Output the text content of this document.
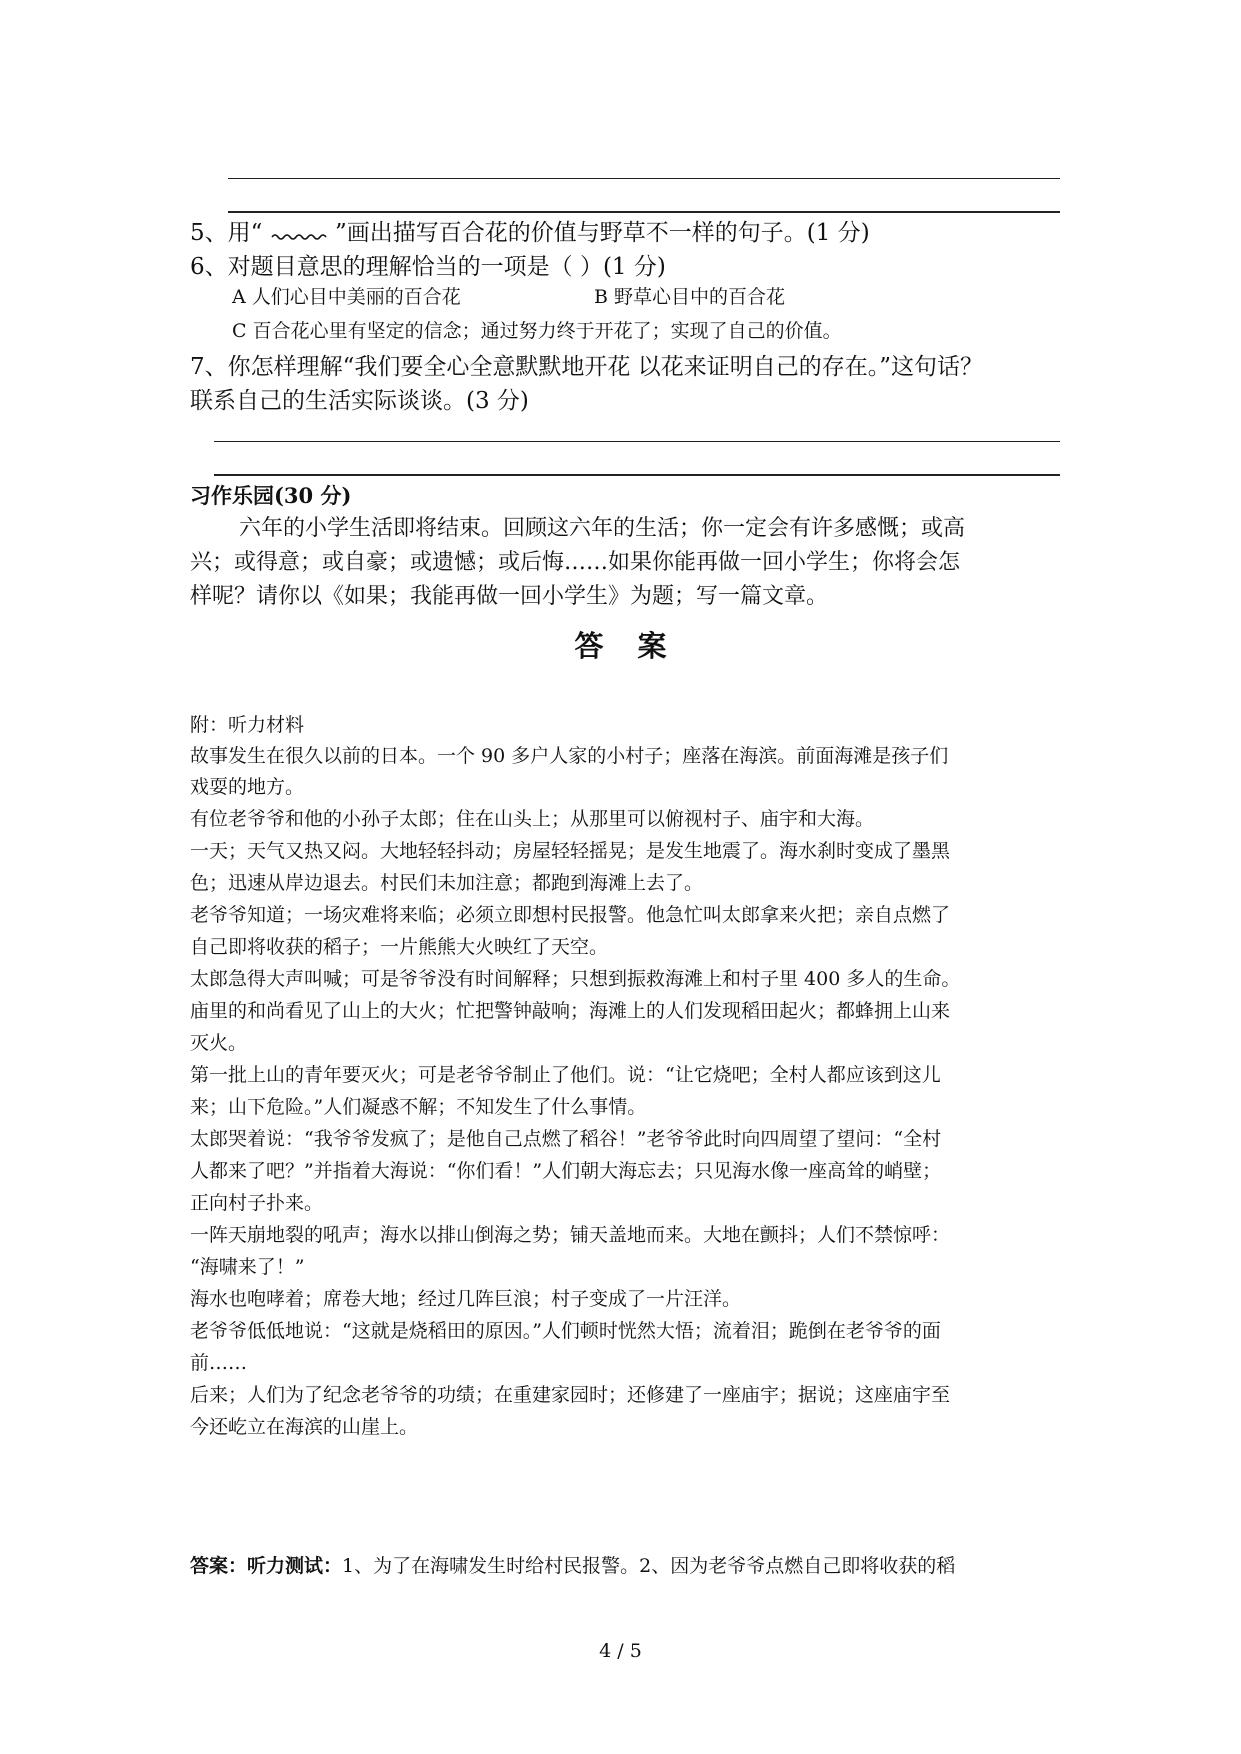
5、用“	”画出描写百合花的价值与野草不一样的句子。(1 分)
6、对题目意思的理解恰当的一项是（ ）(1 分)
A 人们心目中美丽的百合花	B 野草心目中的百合花
C 百合花心里有坚定的信念；通过努力终于开花了；实现了自己的价值。
7、你怎样理解“我们要全心全意默默地开花 以花来证明自己的存在。”这句话？
联系自己的生活实际谈谈。(3 分)
习作乐园(30 分)
六年的小学生活即将结束。回顾这六年的生活；你一定会有许多感慨；或高
兴；或得意；或自豪；或遗憾；或后悔……如果你能再做一回小学生；你将会怎
样呢？请你以《如果；我能再做一回小学生》为题；写一篇文章。
答案
附：听力材料
故事发生在很久以前的日本。一个 90 多户人家的小村子；座落在海滨。前面海滩是孩子们
戏耍的地方。
有位老爷爷和他的小孙子太郎；住在山头上；从那里可以俯视村子、庙宇和大海。
一天；天气又热又闷。大地轻轻抖动；房屋轻轻摇晃；是发生地震了。海水刹时变成了墨黑
色；迅速从岸边退去。村民们未加注意；都跑到海滩上去了。
老爷爷知道；一场灾难将来临；必须立即想村民报警。他急忙叫太郎拿来火把；亲自点燃了
自己即将收获的稻子；一片熊熊大火映红了天空。
太郎急得大声叫喊；可是爷爷没有时间解释；只想到振救海滩上和村子里 400 多人的生命。
庙里的和尚看见了山上的大火；忙把警钟敲响；海滩上的人们发现稻田起火；都蜂拥上山来
灭火。
第一批上山的青年要灭火；可是老爷爷制止了他们。说：“让它烧吧；全村人都应该到这儿
来；山下危险。”人们凝惑不解；不知发生了什么事情。
太郎哭着说：“我爷爷发疯了；是他自己点燃了稻谷！”老爷爷此时向四周望了望问：“全村
人都来了吧？”并指着大海说：“你们看！”人们朝大海忘去；只见海水像一座高耸的峭壁；
正向村子扑来。
一阵天崩地裂的吼声；海水以排山倒海之势；铺天盖地而来。大地在颤抖；人们不禁惊呼：
“海啸来了！”
海水也咆哮着；席卷大地；经过几阵巨浪；村子变成了一片汪洋。
老爷爷低低地说：“这就是烧稻田的原因。”人们顿时恍然大悟；流着泪；跪倒在老爷爷的面
前……
后来；人们为了纪念老爷爷的功绩；在重建家园时；还修建了一座庙宇；据说；这座庙宇至
今还屹立在海滨的山崖上。
答案：听力测试：1、为了在海啸发生时给村民报警。2、因为老爷爷点燃自己即将收获的稻
4 / 5
